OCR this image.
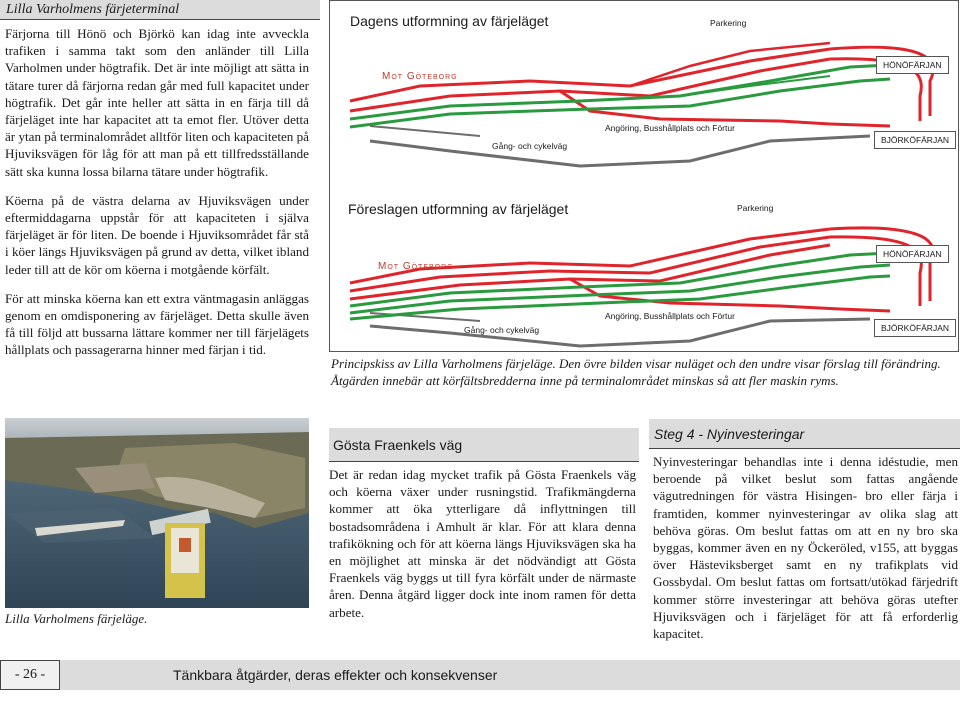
Lilla Varholmens färjeterminal

Färjorna till Hönö och Björkö kan idag inte avveckla trafiken i samma takt som den anländer till Lilla Varholmen under högtrafik. Det är inte möjligt att sätta in tätare turer då färjorna redan går med full kapacitet under högtrafik. Det går inte heller att sätta in en färja till då färjeläget inte har kapacitet att ta emot fler. Utöver detta är ytan på terminalområdet alltför liten och kapaciteten på Hjuviksvägen för låg för att man på ett tillfredsställande sätt ska kunna lossa bilarna tätare under högtrafik.

Köerna på de västra delarna av Hjuviksvägen under eftermiddagarna uppstår för att kapaciteten i själva färjeläget är för liten. De boende i Hjuviksområdet får stå i köer längs Hjuviksvägen på grund av detta, vilket ibland leder till att de kör om köerna i motgående körfält.

För att minska köerna kan ett extra väntmagasin anläggas genom en omdisponering av färjeläget. Detta skulle även få till följd att bussarna lättare kommer ner till färjelägets hållplats och passagerarna hinner med färjan i tid.

Lilla Varholmens färjeläge.
Dagens utformning av färjeläget	Parkering
Mot Göteborg
Angöring, Busshållplats och Förtur
Gång- och cykelväg
HÖNÖFÄRJAN
BJÖRKÖFÄRJAN
Föreslagen utformning av färjeläget	Parkering
Mot Göteborg
Angöring, Busshållplats och Förtur
Gång- och cykelväg
HÖNÖFÄRJAN
BJÖRKÖFÄRJAN
Principskiss av Lilla Varholmens färjeläge. Den övre bilden visar nuläget och den undre visar förslag till förändring. Åtgärden innebär att körfältsbredderna inne på terminalområdet minskas så att fler maskin ryms.
Gösta Fraenkels väg

Det är redan idag mycket trafik på Gösta Fraenkels väg och köerna växer under rusningstid. Trafikmängderna kommer att öka ytterligare då inflyttningen till bostadsområdena i Amhult är klar. För att klara denna trafikökning och för att köerna längs Hjuviksvägen ska ha en möjlighet att minska är det nödvändigt att Gösta Fraenkels väg byggs ut till fyra körfält under de närmaste åren. Denna åtgärd ligger dock inte inom ramen för detta arbete.

Steg 4 - Nyinvesteringar

Nyinvesteringar behandlas inte i denna idéstudie, men beroende på vilket beslut som fattas angående vägutredningen för västra Hisingen- bro eller färja i framtiden, kommer nyinvesteringar av olika slag att behöva göras. Om beslut fattas om att en ny bro ska byggas, kommer även en ny Öckeröled, v155, att byggas över Hästeviksberget samt en ny trafikplats vid Gossbydal. Om beslut fattas om fortsatt/utökad färjedrift kommer större investeringar att behöva göras utefter Hjuviksvägen och i färjeläget för att få erforderlig kapacitet.

- 26 -	Tänkbara åtgärder, deras effekter och konsekvenser
